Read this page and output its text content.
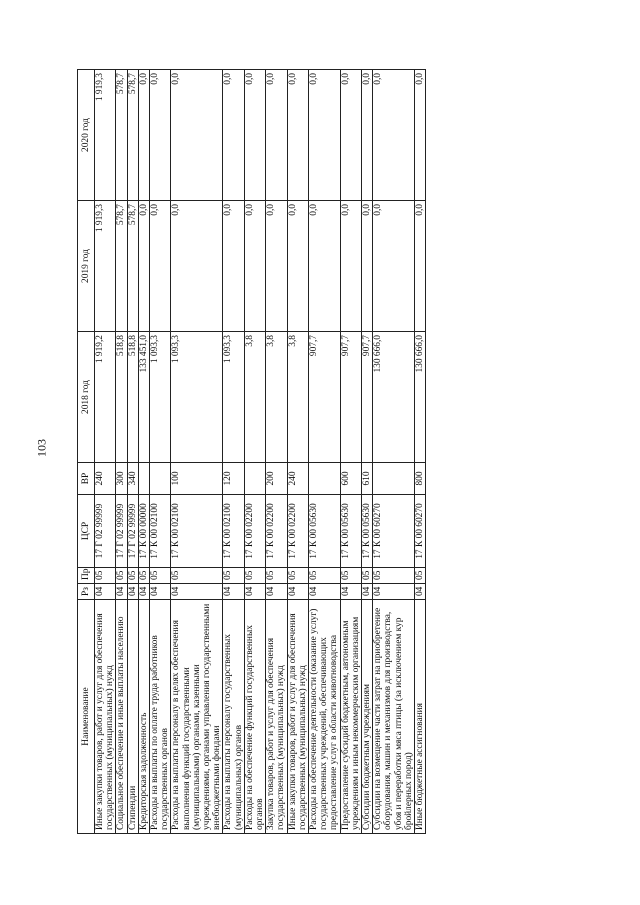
103
Наименование	Рз	Пр	ЦСР	ВР	2018 год	2019 год	2020 год
Иные закупки товаров, работ и услуг для обеспечения государственных (муниципальных) нужд	04	05	17 Г 02 99999	240	1 919,2	1 919,3	1 919,3
Социальное обеспечение и иные выплаты населению	04	05	17 Г 02 99999	300	518,8	578,7	578,7
Стипендии	04	05	17 Г 02 99999	340	518,8	578,7	578,7
Кредиторская задолженность	04	05	17 К 00 00000		133 451,0	0,0	0,0
Расходы на выплаты по оплате труда работников государственных органов	04	05	17 К 00 02100		1 093,3	0,0	0,0
Расходы на выплаты персоналу в целях обеспечения выполнения функций государственными (муниципальными) органами, казенными учреждениями, органами управления государственными внебюджетными фондами	04	05	17 К 00 02100	100	1 093,3	0,0	0,0
Расходы на выплаты персоналу государственных (муниципальных) органов	04	05	17 К 00 02100	120	1 093,3	0,0	0,0
Расходы на обеспечение функций государственных органов	04	05	17 К 00 02200		3,8	0,0	0,0
Закупка товаров, работ и услуг для обеспечения государственных (муниципальных) нужд	04	05	17 К 00 02200	200	3,8	0,0	0,0
Иные закупки товаров, работ и услуг для обеспечения государственных (муниципальных) нужд	04	05	17 К 00 02200	240	3,8	0,0	0,0
Расходы на обеспечение деятельности (оказание услуг) государственных учреждений, обеспечивающих предоставление услуг в области животноводства	04	05	17 К 00 05630		907,7	0,0	0,0
Предоставление субсидий бюджетным, автономным учреждениям и иным некоммерческим организациям	04	05	17 К 00 05630	600	907,7	0,0	0,0
Субсидии бюджетным учреждениям	04	05	17 К 00 05630	610	907,7	0,0	0,0
Субсидии на возмещение части затрат на приобретение оборудования, машин и механизмов для производства, убоя и переработки мяса птицы (за исключением кур бройлерных пород)	04	05	17 К 00 60270		130 666,0	0,0	0,0
Иные бюджетные ассигнования	04	05	17 К 00 60270	800	130 666,0	0,0	0,0
